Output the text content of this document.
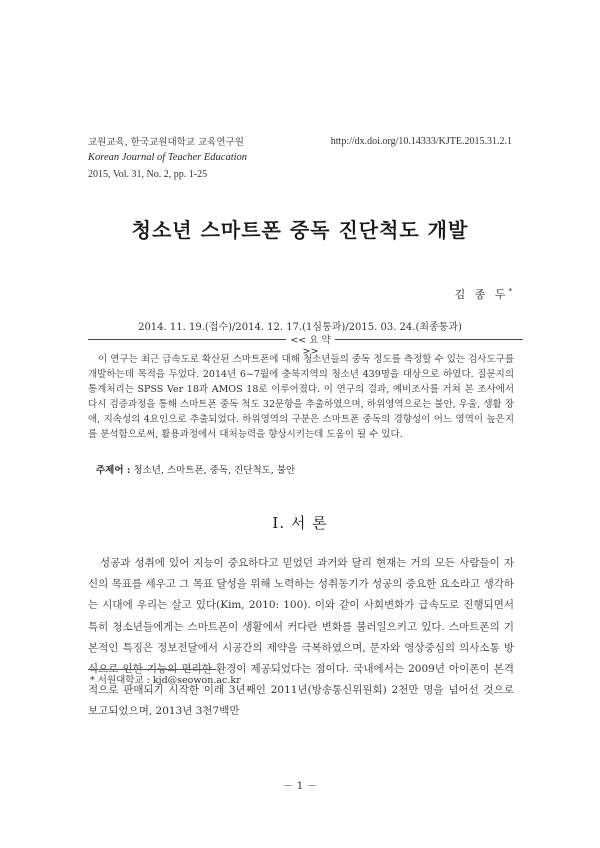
교원교육, 한국교원대학교 교육연구원
Korean Journal of Teacher Education
2015, Vol. 31, No. 2, pp. 1-25
http://dx.doi.org/10.14333/KJTE.2015.31.2.1
청소년 스마트폰 중독 진단척도 개발
김 종 두*
2014. 11. 19.(접수)/2014. 12. 17.(1심통과)/2015. 03. 24.(최종통과)
<< 요 약 >>
이 연구는 최근 급속도로 확산된 스마트폰에 대해 청소년들의 중독 정도를 측정할 수 있는 검사도구를 개발하는데 목적을 두었다. 2014년 6~7월에 충북지역의 청소년 439명을 대상으로 하였다. 질문지의 통계처리는 SPSS Ver 18과 AMOS 18로 이루어졌다. 이 연구의 결과, 예비조사를 거쳐 본 조사에서 다시 검증과정을 통해 스마트폰 중독 척도 32문항을 추출하였으며, 하위영역으로는 불안, 우울, 생활 장애, 지속성의 4요인으로 추출되었다. 하위영역의 구분은 스마트폰 중독의 경향성이 어느 영역이 높은지를 분석함으로써, 활용과정에서 대처능력을 향상시키는데 도움이 될 수 있다.
주제어 : 청소년, 스마트폰, 중독, 진단척도, 불안
Ⅰ. 서 론
성공과 성취에 있어 지능이 중요하다고 믿었던 과거와 달리 현재는 거의 모든 사람들이 자신의 목표를 세우고 그 목표 달성을 위해 노력하는 성취동기가 성공의 중요한 요소라고 생각하는 시대에 우리는 살고 있다(Kim, 2010: 100). 이와 같이 사회변화가 급속도로 진행되면서 특히 청소년들에게는 스마트폰이 생활에서 커다란 변화를 불러일으키고 있다. 스마트폰의 기본적인 특징은 정보전달에서 시공간의 제약을 극복하였으며, 문자와 영상중심의 의사소통 방식으로 인한 기능의 편리한 환경이 제공되었다는 점이다. 국내에서는 2009년 아이폰이 본격적으로 판매되기 시작한 이래 3년째인 2011년(방송통신위원회) 2천만 명을 넘어선 것으로 보고되었으며, 2013년 3천7백만
* 서원대학교 : kjd@seowon.ac.kr
－ 1 －
